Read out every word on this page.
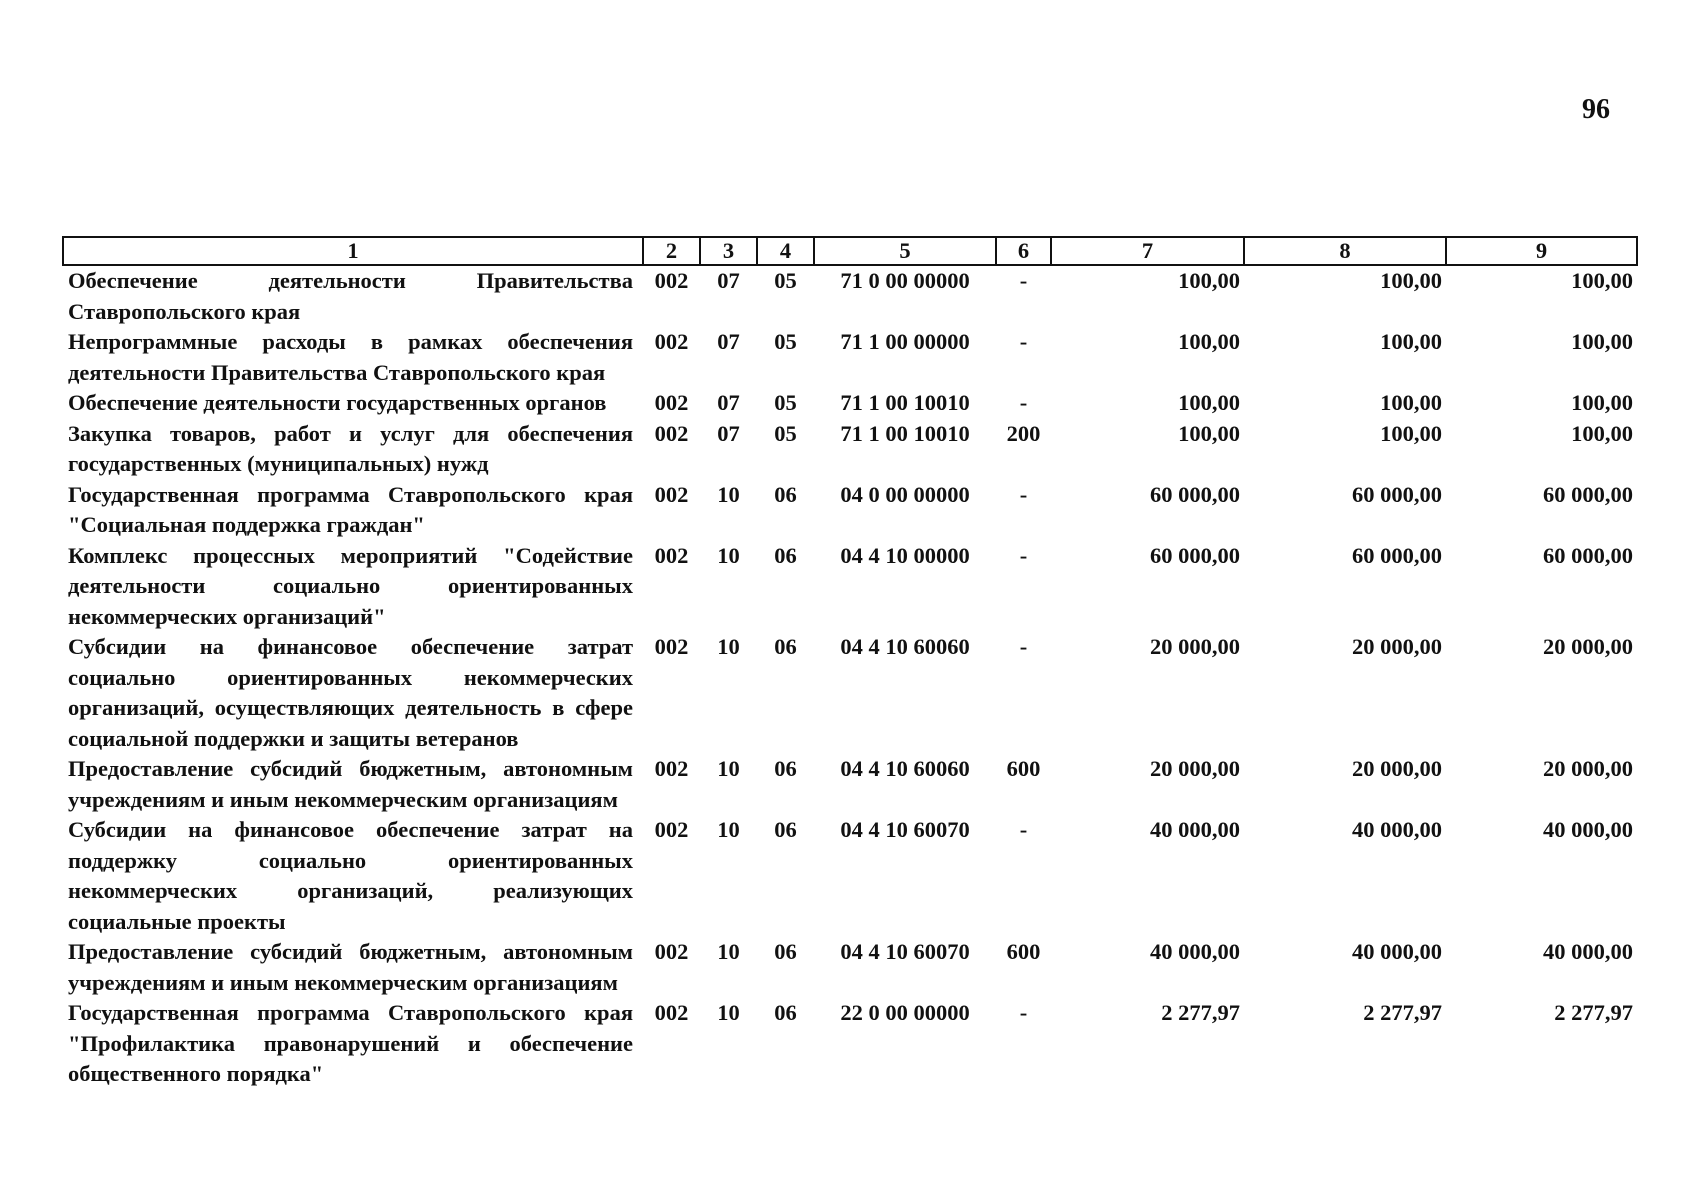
96
1	2	3	4	5	6	7	8	9
Обеспечение деятельности Правительства Ставропольского края	002	07	05	71 0 00 00000	-	100,00	100,00	100,00
Непрограммные расходы в рамках обеспечения деятельности Правительства Ставропольского края	002	07	05	71 1 00 00000	-	100,00	100,00	100,00
Обеспечение деятельности государственных органов	002	07	05	71 1 00 10010	-	100,00	100,00	100,00
Закупка товаров, работ и услуг для обеспечения государственных (муниципальных) нужд	002	07	05	71 1 00 10010	200	100,00	100,00	100,00
Государственная программа Ставропольского края "Социальная поддержка граждан"	002	10	06	04 0 00 00000	-	60 000,00	60 000,00	60 000,00
Комплекс процессных мероприятий "Содействие деятельности социально ориентированных некоммерческих организаций"	002	10	06	04 4 10 00000	-	60 000,00	60 000,00	60 000,00
Субсидии на финансовое обеспечение затрат социально ориентированных некоммерческих организаций, осуществляющих деятельность в сфере социальной поддержки и защиты ветеранов	002	10	06	04 4 10 60060	-	20 000,00	20 000,00	20 000,00
Предоставление субсидий бюджетным, автономным учреждениям и иным некоммерческим организациям	002	10	06	04 4 10 60060	600	20 000,00	20 000,00	20 000,00
Субсидии на финансовое обеспечение затрат на поддержку социально ориентированных некоммерческих организаций, реализующих социальные проекты	002	10	06	04 4 10 60070	-	40 000,00	40 000,00	40 000,00
Предоставление субсидий бюджетным, автономным учреждениям и иным некоммерческим организациям	002	10	06	04 4 10 60070	600	40 000,00	40 000,00	40 000,00
Государственная программа Ставропольского края "Профилактика правонарушений и обеспечение общественного порядка"	002	10	06	22 0 00 00000	-	2 277,97	2 277,97	2 277,97
